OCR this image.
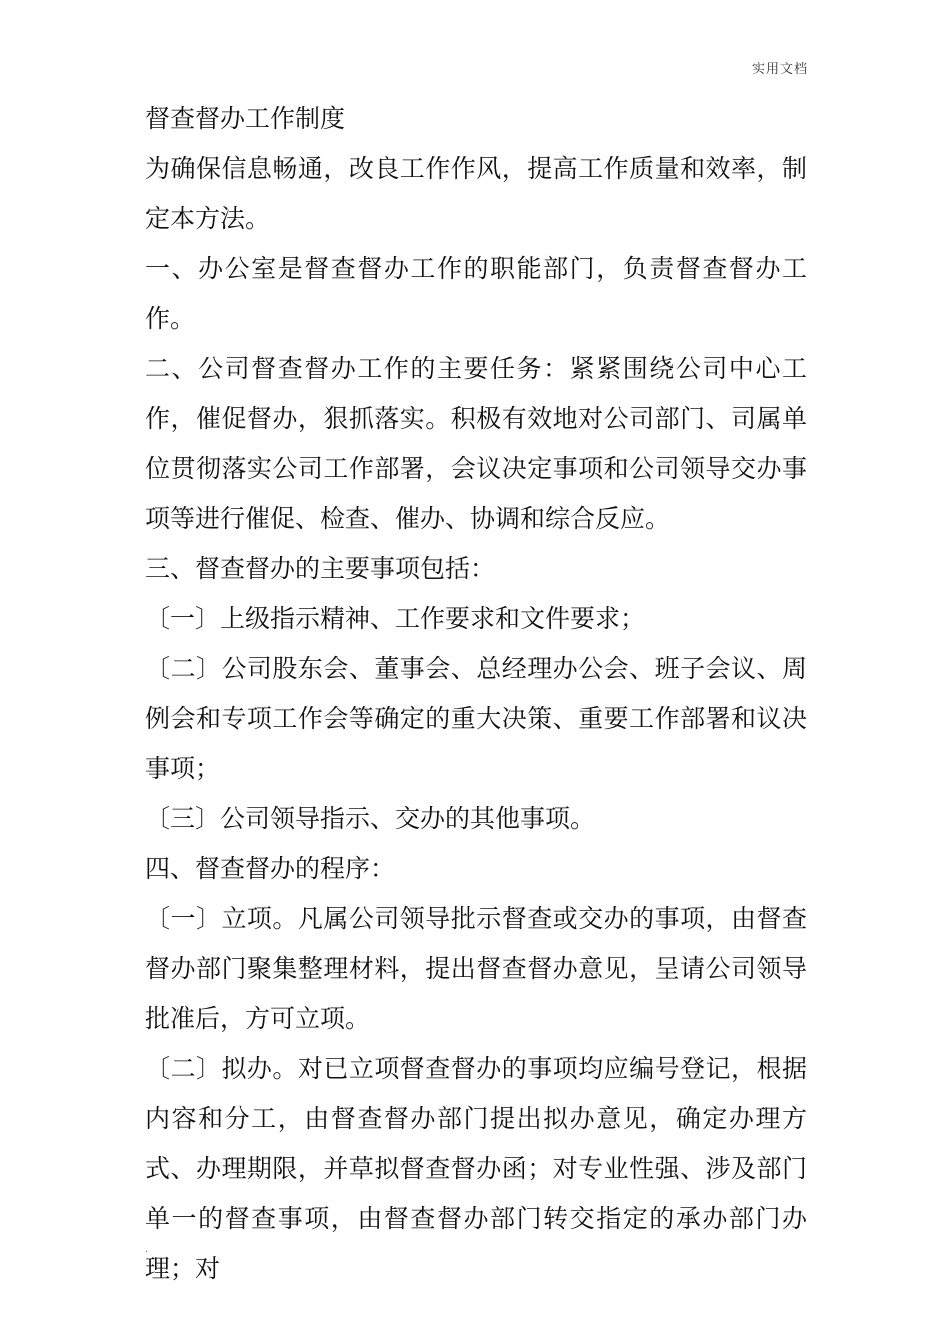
实用文档

督查督办工作制度

为确保信息畅通，改良工作作风，提高工作质量和效率，制定本方法。

一、办公室是督查督办工作的职能部门，负责督查督办工作。

二、公司督查督办工作的主要任务：紧紧围绕公司中心工作，催促督办，狠抓落实。积极有效地对公司部门、司属单位贯彻落实公司工作部署，会议决定事项和公司领导交办事项等进行催促、检查、催办、协调和综合反应。

三、督查督办的主要事项包括：

〔一〕上级指示精神、工作要求和文件要求；

〔二〕公司股东会、董事会、总经理办公会、班子会议、周例会和专项工作会等确定的重大决策、重要工作部署和议决事项；

〔三〕公司领导指示、交办的其他事项。

四、督查督办的程序：

〔一〕立项。凡属公司领导批示督查或交办的事项，由督查督办部门聚集整理材料，提出督查督办意见，呈请公司领导批准后，方可立项。

〔二〕拟办。对已立项督查督办的事项均应编号登记，根据内容和分工，由督查督办部门提出拟办意见，确定办理方式、办理期限，并草拟督查督办函；对专业性强、涉及部门单一的督查事项，由督查督办部门转交指定的承办部门办理；对

.
